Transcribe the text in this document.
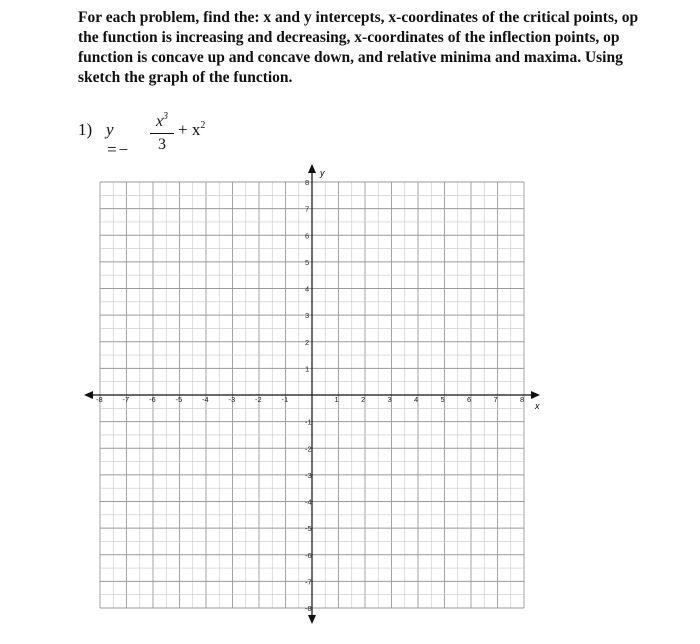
For each problem, find the: x and y intercepts, x-coordinates of the critical points, op
the function is increasing and decreasing, x-coordinates of the inflection points, op
function is concave up and concave down, and relative minima and maxima. Using
sketch the graph of the function.
1) y =−
$x^3$
3
+ $x^2$
-8	-7	-6	-5	-4	-3	-2	-1	1	2	3	4	5	6	7	8
8
7
6
5
4
3
2
1
-1
-2
-3
-4
-5
-6
-7
-8
x
y
